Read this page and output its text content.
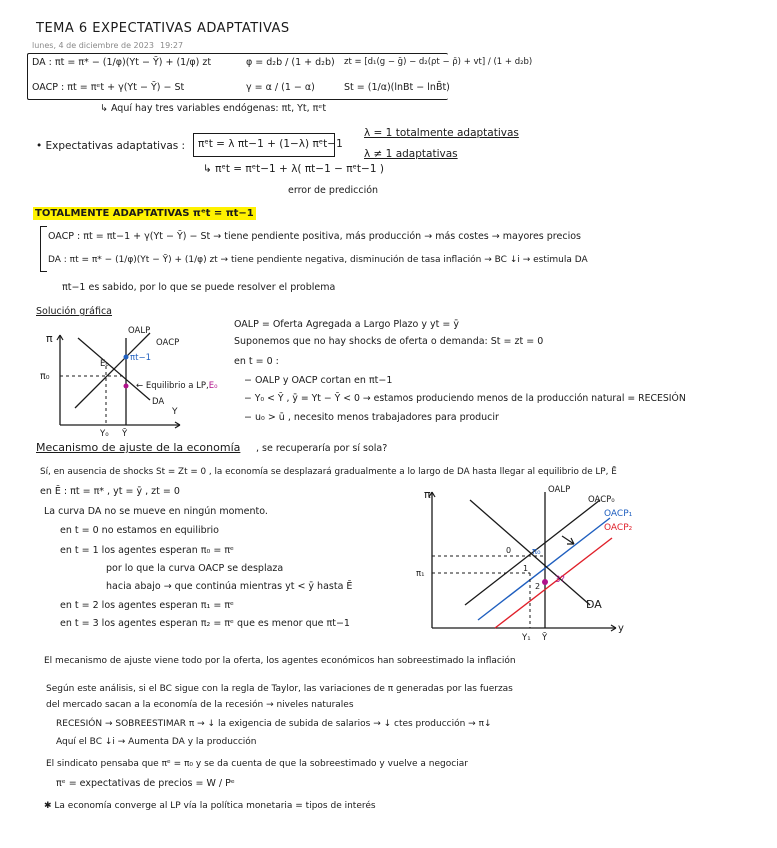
TEMA 6 EXPECTATIVAS ADAPTATIVAS
lunes, 4 de diciembre de 2023 19:27
DA : πt = π* − (1/φ)(Yt − Ȳ) + (1/φ) zt
OACP : πt = πᵉt + γ(Yt − Ȳ) − St
φ = d₂b / (1 + d₂b)
γ = α / (1 − α)
zt = [d₁(g − ḡ) − d₂(ρt − ρ̄) + vt] / (1 + d₂b)
St = (1/α)(lnBt − lnB̄t)
↳ Aquí hay tres variables endógenas: πt, Yt, πᵉt
• Expectativas adaptativas : πᵉt = λ πt−1 + (1−λ) πᵉt−1
λ = 1 totalmente adaptativas
λ ≠ 1 adaptativas
↳ πᵉt = πᵉt−1 + λ( πt−1 − πᵉt−1 )
error de predicción
TOTALMENTE ADAPTATIVAS πᵉt = πt−1
OACP : πt = πt−1 + γ(Yt − Ȳ) − St → tiene pendiente positiva, más producción → más costes → mayores precios
DA : πt = π* − (1/φ)(Yt − Ȳ) + (1/φ) zt → tiene pendiente negativa, disminución de tasa inflación → BC ↓i → estimula DA
πt−1 es sabido, por lo que se puede resolver el problema
Solución gráfica
OALP = Oferta Agregada a Largo Plazo y yt = ȳ
Suponemos que no hay shocks de oferta o demanda: St = zt = 0
en t = 0 :
− OALP y OACP cortan en πt−1
− Y₀ < Ȳ , ȳ = Yt − Ȳ < 0 → estamos produciendo menos de la producción natural = RECESIÓN
− u₀ > ū , necesito menos trabajadores para producir
π
π₀
OALP
OACP
E₀
πt−1
← Equilibrio a LP,E₀
DA
Y
Y₀ Ȳ
Mecanismo de ajuste de la economía , se recuperaría por sí sola?
Sí, en ausencia de shocks St = Zt = 0 , la economía se desplazará gradualmente a lo largo de DA hasta llegar al equilibrio de LP, Ē
en Ē : πt = π* , yt = ȳ , zt = 0
La curva DA no se mueve en ningún momento.
en t = 0 no estamos en equilibrio
en t = 1 los agentes esperan π₀ = πᵉ
por lo que la curva OACP se desplaza
hacia abajo → que continúa mientras yt < ȳ hasta Ē
en t = 2 los agentes esperan π₁ = πᵉ
en t = 3 los agentes esperan π₂ = πᵉ que es menor que πt−1
π	OALP
OACP₀
OACP₁
OACP₂
π₀
π₁
0
1
2
3?
DA
y
Y₁ Ȳ
El mecanismo de ajuste viene todo por la oferta, los agentes económicos han sobreestimado la inflación
Según este análisis, si el BC sigue con la regla de Taylor, las variaciones de π generadas por las fuerzas
del mercado sacan a la economía de la recesión → niveles naturales
RECESIÓN → SOBREESTIMAR π → ↓ la exigencia de subida de salarios → ↓ ctes producción → π↓
Aquí el BC ↓i → Aumenta DA y la producción
El sindicato pensaba que πᵉ = π₀ y se da cuenta de que la sobreestimado y vuelve a negociar
πᵉ = expectativas de precios = W / Pᵉ
✱ La economía converge al LP vía la política monetaria = tipos de interés
